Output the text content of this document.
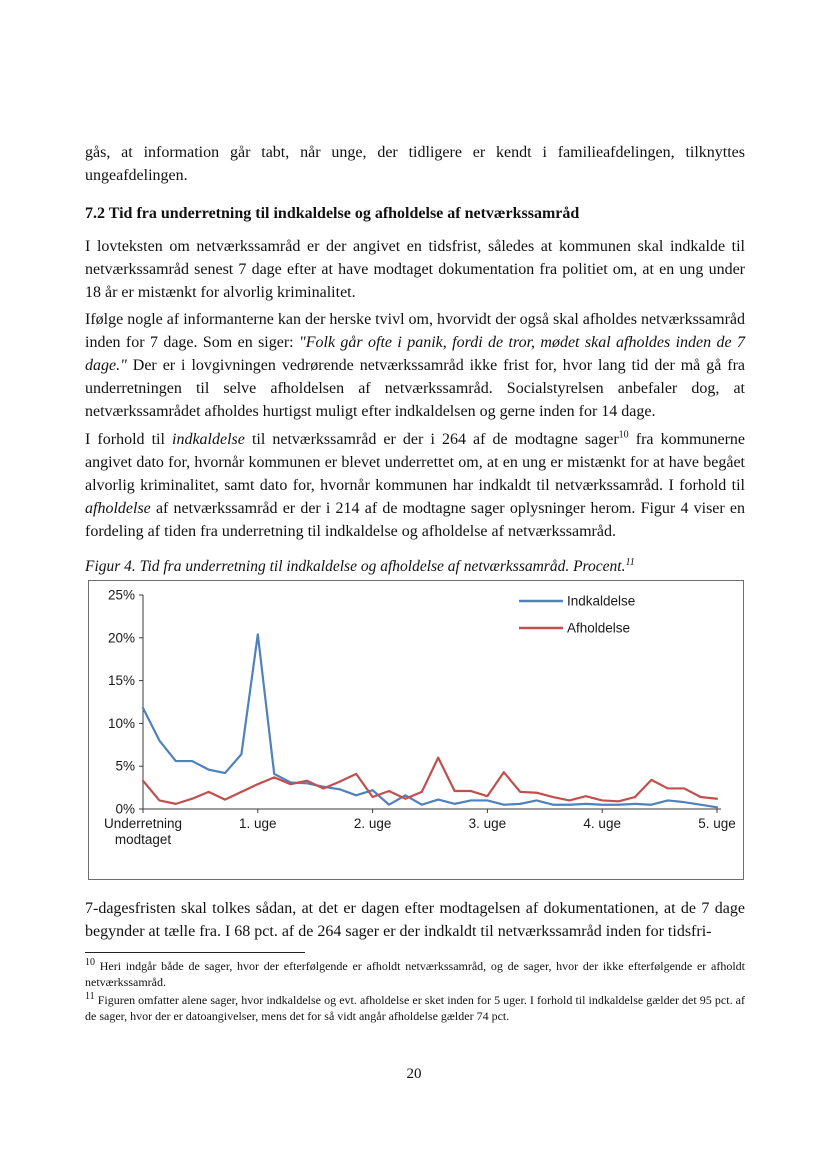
gås, at information går tabt, når unge, der tidligere er kendt i familieafdelingen, tilknyttes ungeafdelingen.

7.2 Tid fra underretning til indkaldelse og afholdelse af netværkssamråd

I lovteksten om netværkssamråd er der angivet en tidsfrist, således at kommunen skal indkalde til netværkssamråd senest 7 dage efter at have modtaget dokumentation fra politiet om, at en ung under 18 år er mistænkt for alvorlig kriminalitet.

Ifølge nogle af informanterne kan der herske tvivl om, hvorvidt der også skal afholdes netværkssamråd inden for 7 dage. Som en siger: "Folk går ofte i panik, fordi de tror, mødet skal afholdes inden de 7 dage." Der er i lovgivningen vedrørende netværkssamråd ikke frist for, hvor lang tid der må gå fra underretningen til selve afholdelsen af netværkssamråd. Socialstyrelsen anbefaler dog, at netværkssamrådet afholdes hurtigst muligt efter indkaldelsen og gerne inden for 14 dage.

I forhold til indkaldelse til netværkssamråd er der i 264 af de modtagne sager$^{10}$ fra kommunerne angivet dato for, hvornår kommunen er blevet underrettet om, at en ung er mistænkt for at have begået alvorlig kriminalitet, samt dato for, hvornår kommunen har indkaldt til netværkssamråd. I forhold til afholdelse af netværkssamråd er der i 214 af de modtagne sager oplysninger herom. Figur 4 viser en fordeling af tiden fra underretning til indkaldelse og afholdelse af netværkssamråd.

Figur 4. Tid fra underretning til indkaldelse og afholdelse af netværkssamråd. Procent.$^{11}$

0%
5%
10%
15%
20%
25%
Underretning modtaget
1. uge	2. uge	3. uge	4. uge	5. uge
Indkaldelse
Afholdelse

7-dagesfristen skal tolkes sådan, at det er dagen efter modtagelsen af dokumentationen, at de 7 dage begynder at tælle fra. I 68 pct. af de 264 sager er der indkaldt til netværkssamråd inden for tidsfri-

$^{10}$ Heri indgår både de sager, hvor der efterfølgende er afholdt netværkssamråd, og de sager, hvor der ikke efterfølgende er afholdt netværkssamråd.

$^{11}$ Figuren omfatter alene sager, hvor indkaldelse og evt. afholdelse er sket inden for 5 uger. I forhold til indkaldelse gælder det 95 pct. af de sager, hvor der er datoangivelser, mens det for så vidt angår afholdelse gælder 74 pct.

20
